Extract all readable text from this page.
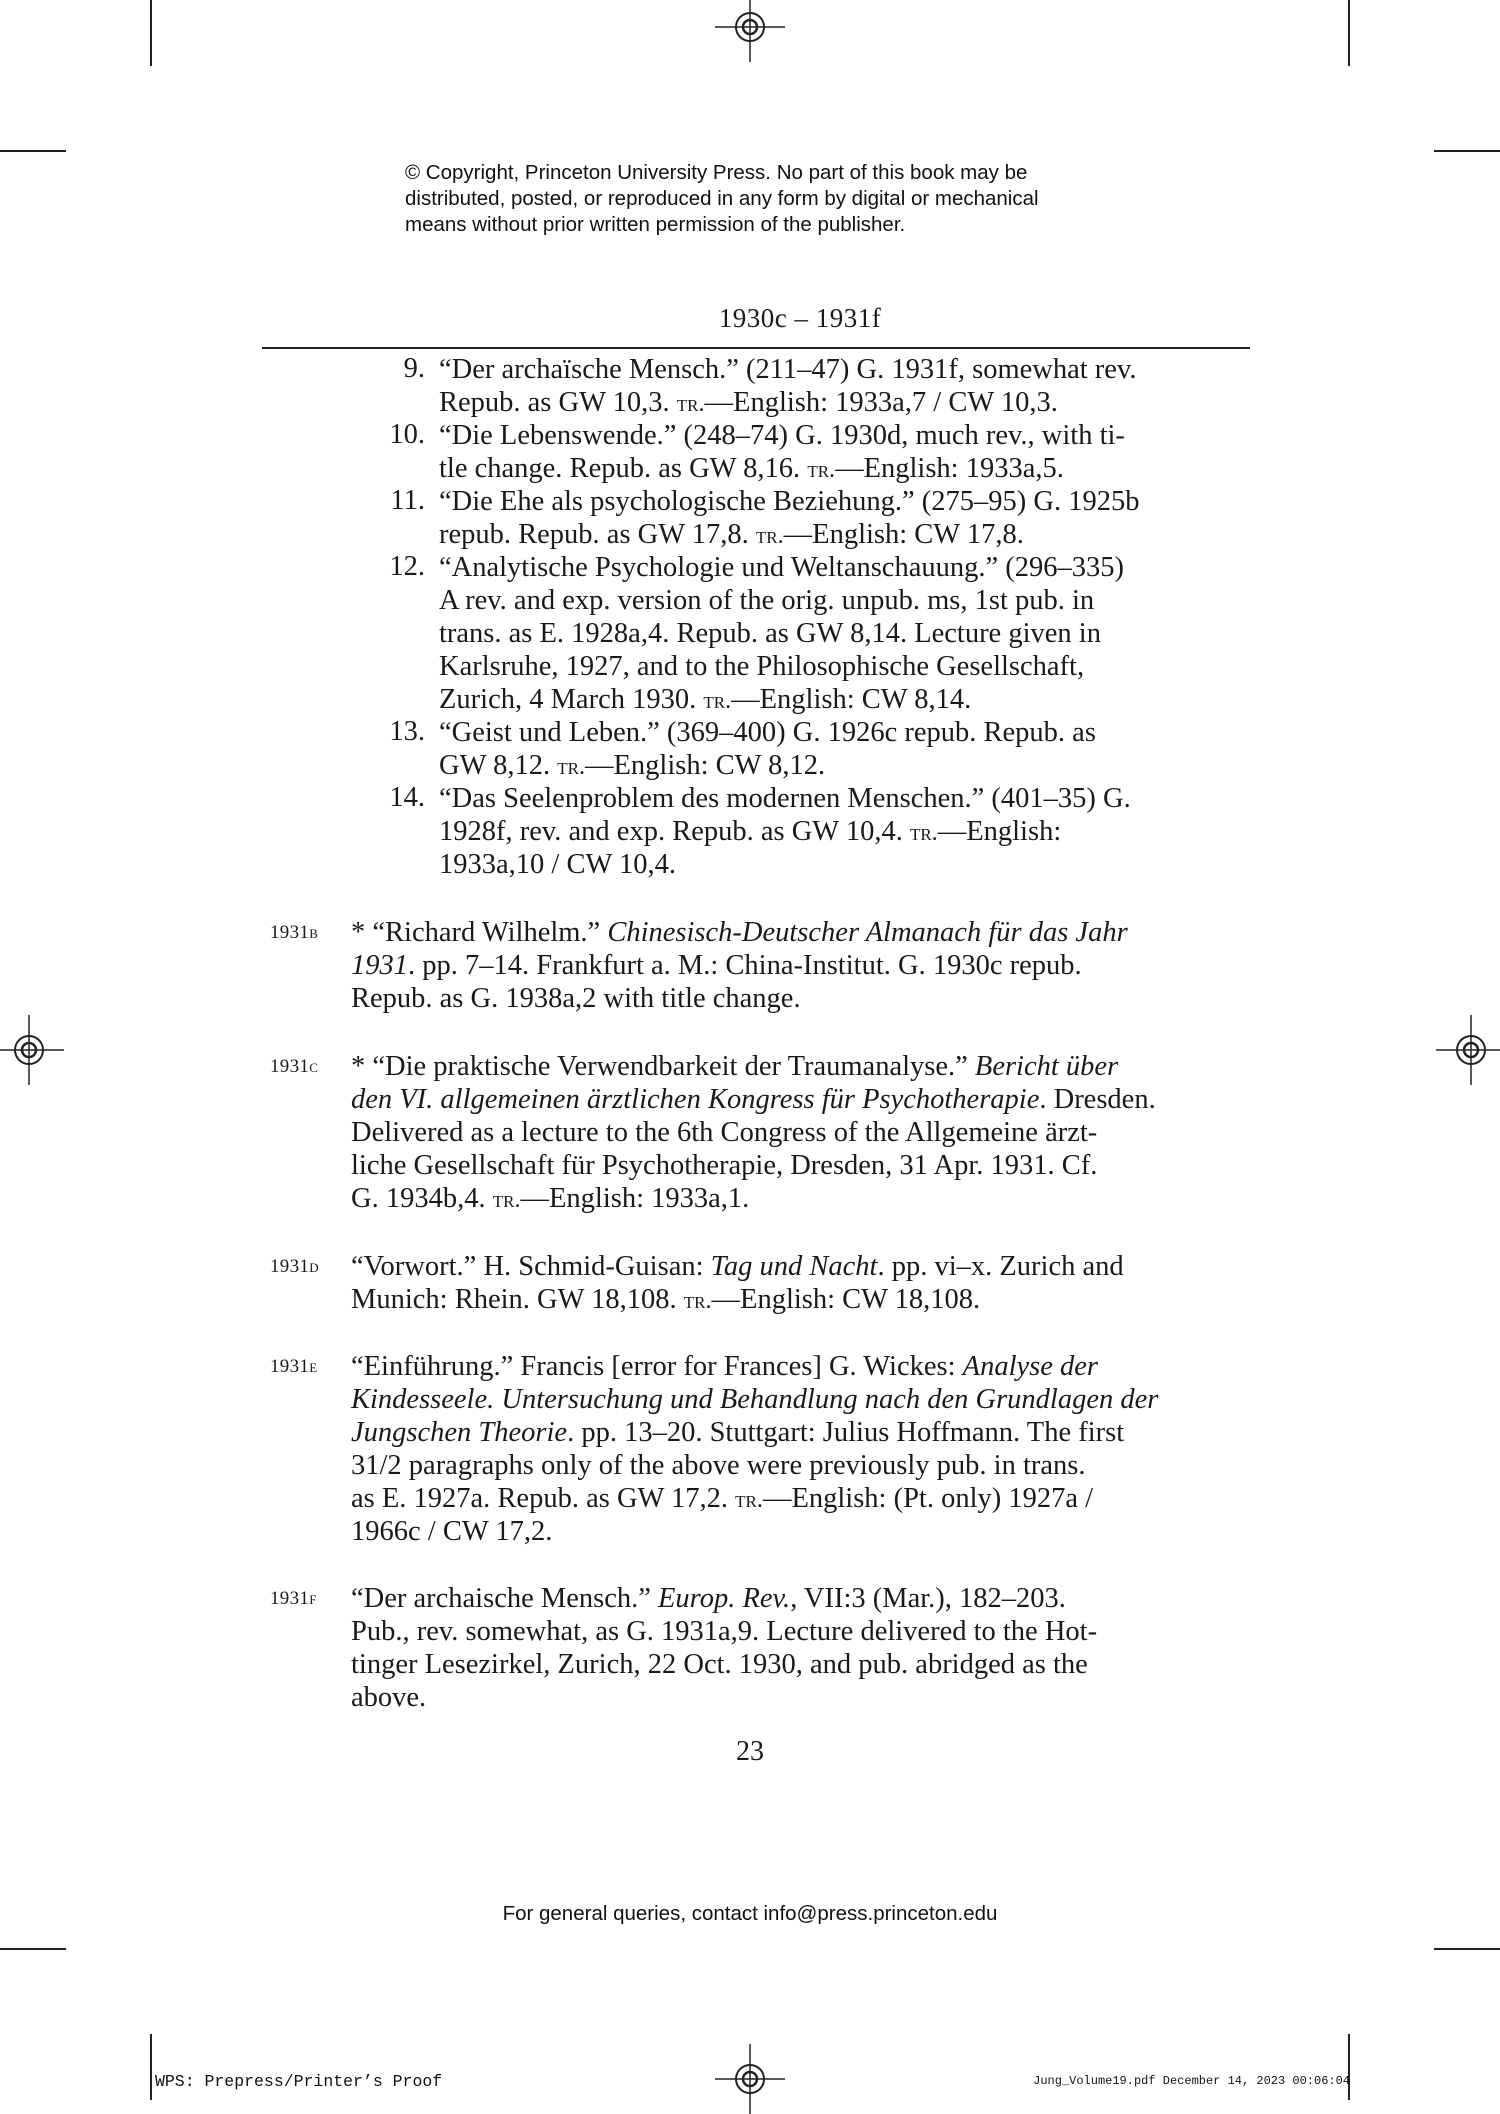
© Copyright, Princeton University Press. No part of this book may be
distributed, posted, or reproduced in any form by digital or mechanical
means without prior written permission of the publisher.
1930c – 1931f
9. “Der archaïsche Mensch.” (211–47) G. 1931f, somewhat rev.
Repub. as GW 10,3. tr.—English: 1933a,7 / CW 10,3.
10. “Die Lebenswende.” (248–74) G. 1930d, much rev., with ti-
tle change. Repub. as GW 8,16. tr.—English: 1933a,5.
11. “Die Ehe als psychologische Beziehung.” (275–95) G. 1925b
repub. Repub. as GW 17,8. tr.—English: CW 17,8.
12. “Analytische Psychologie und Weltanschauung.” (296–335)
A rev. and exp. version of the orig. unpub. ms, 1st pub. in
trans. as E. 1928a,4. Repub. as GW 8,14. Lecture given in
Karlsruhe, 1927, and to the Philosophische Gesellschaft,
Zurich, 4 March 1930. tr.—English: CW 8,14.
13. “Geist und Leben.” (369–400) G. 1926c repub. Repub. as
GW 8,12. tr.—English: CW 8,12.
14. “Das Seelenproblem des modernen Menschen.” (401–35) G.
1928f, rev. and exp. Repub. as GW 10,4. tr.—English:
1933a,10 / CW 10,4.
1931b * “Richard Wilhelm.” Chinesisch-Deutscher Almanach für das Jahr
1931. pp. 7–14. Frankfurt a. M.: China-Institut. G. 1930c repub.
Repub. as G. 1938a,2 with title change.
1931c * “Die praktische Verwendbarkeit der Traumanalyse.” Bericht über
den VI. allgemeinen ärztlichen Kongress für Psychotherapie. Dresden.
Delivered as a lecture to the 6th Congress of the Allgemeine ärzt-
liche Gesellschaft für Psychotherapie, Dresden, 31 Apr. 1931. Cf.
G. 1934b,4. tr.—English: 1933a,1.
1931d “Vorwort.” H. Schmid-Guisan: Tag und Nacht. pp. vi–x. Zurich and
Munich: Rhein. GW 18,108. tr.—English: CW 18,108.
1931e “Einführung.” Francis [error for Frances] G. Wickes: Analyse der
Kindesseele. Untersuchung und Behandlung nach den Grundlagen der
Jungschen Theorie. pp. 13–20. Stuttgart: Julius Hoffmann. The first
31/2 paragraphs only of the above were previously pub. in trans.
as E. 1927a. Repub. as GW 17,2. tr.—English: (Pt. only) 1927a /
1966c / CW 17,2.
1931f “Der archaische Mensch.” Europ. Rev., VII:3 (Mar.), 182–203.
Pub., rev. somewhat, as G. 1931a,9. Lecture delivered to the Hot-
tinger Lesezirkel, Zurich, 22 Oct. 1930, and pub. abridged as the
above.
23
For general queries, contact info@press.princeton.edu
WPS: Prepress/Printer’s Proof	Jung_Volume19.pdf December 14, 2023 00:06:04
